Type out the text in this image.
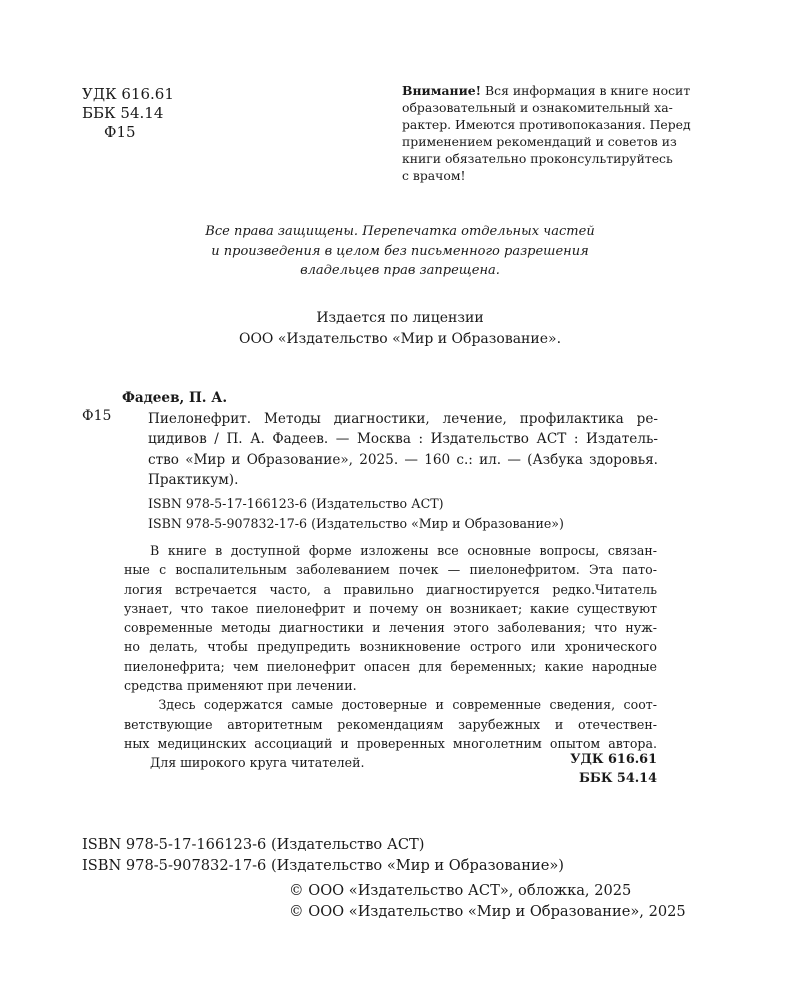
УДК 616.61
ББК 54.14
Ф15
Внимание! Вся информация в книге носит
образовательный и ознакомительный ха-
рактер. Имеются противопоказания. Перед
применением рекомендаций и советов из
книги обязательно проконсультируйтесь
с врачом!
Все права защищены. Перепечатка отдельных частей
и произведения в целом без письменного разрешения
владельцев прав запрещена.
Издается по лицензии
ООО «Издательство «Мир и Образование».
Фадеев, П. А.
Ф15	Пиелонефрит. Методы диагностики, лечение, профилактика ре-
цидивов / П. А. Фадеев. — Москва : Издательство АСТ : Издатель-
ство «Мир и Образование», 2025. — 160 с.: ил. — (Азбука здоровья.
Практикум).
ISBN 978-5-17-166123-6 (Издательство АСТ)
ISBN 978-5-907832-17-6 (Издательство «Мир и Образование»)
В книге в доступной форме изложены все основные вопросы, связан-
ные с воспалительным заболеванием почек — пиелонефритом. Эта пато-
логия встречается часто, а правильно диагностируется редко.Читатель
узнает, что такое пиелонефрит и почему он возникает; какие существуют
современные методы диагностики и лечения этого заболевания; что нуж-
но делать, чтобы предупредить возникновение острого или хронического
пиелонефрита; чем пиелонефрит опасен для беременных; какие народные
средства применяют при лечении.
Здесь содержатся самые достоверные и современные сведения, соот-
ветствующие авторитетным рекомендациям зарубежных и отечествен-
ных медицинских ассоциаций и проверенных многолетним опытом автора.
Для широкого круга читателей.	УДК 616.61
ББК 54.14
ISBN 978-5-17-166123-6 (Издательство АСТ)
ISBN 978-5-907832-17-6 (Издательство «Мир и Образование»)
© ООО «Издательство АСТ», обложка, 2025
© ООО «Издательство «Мир и Образование», 2025
